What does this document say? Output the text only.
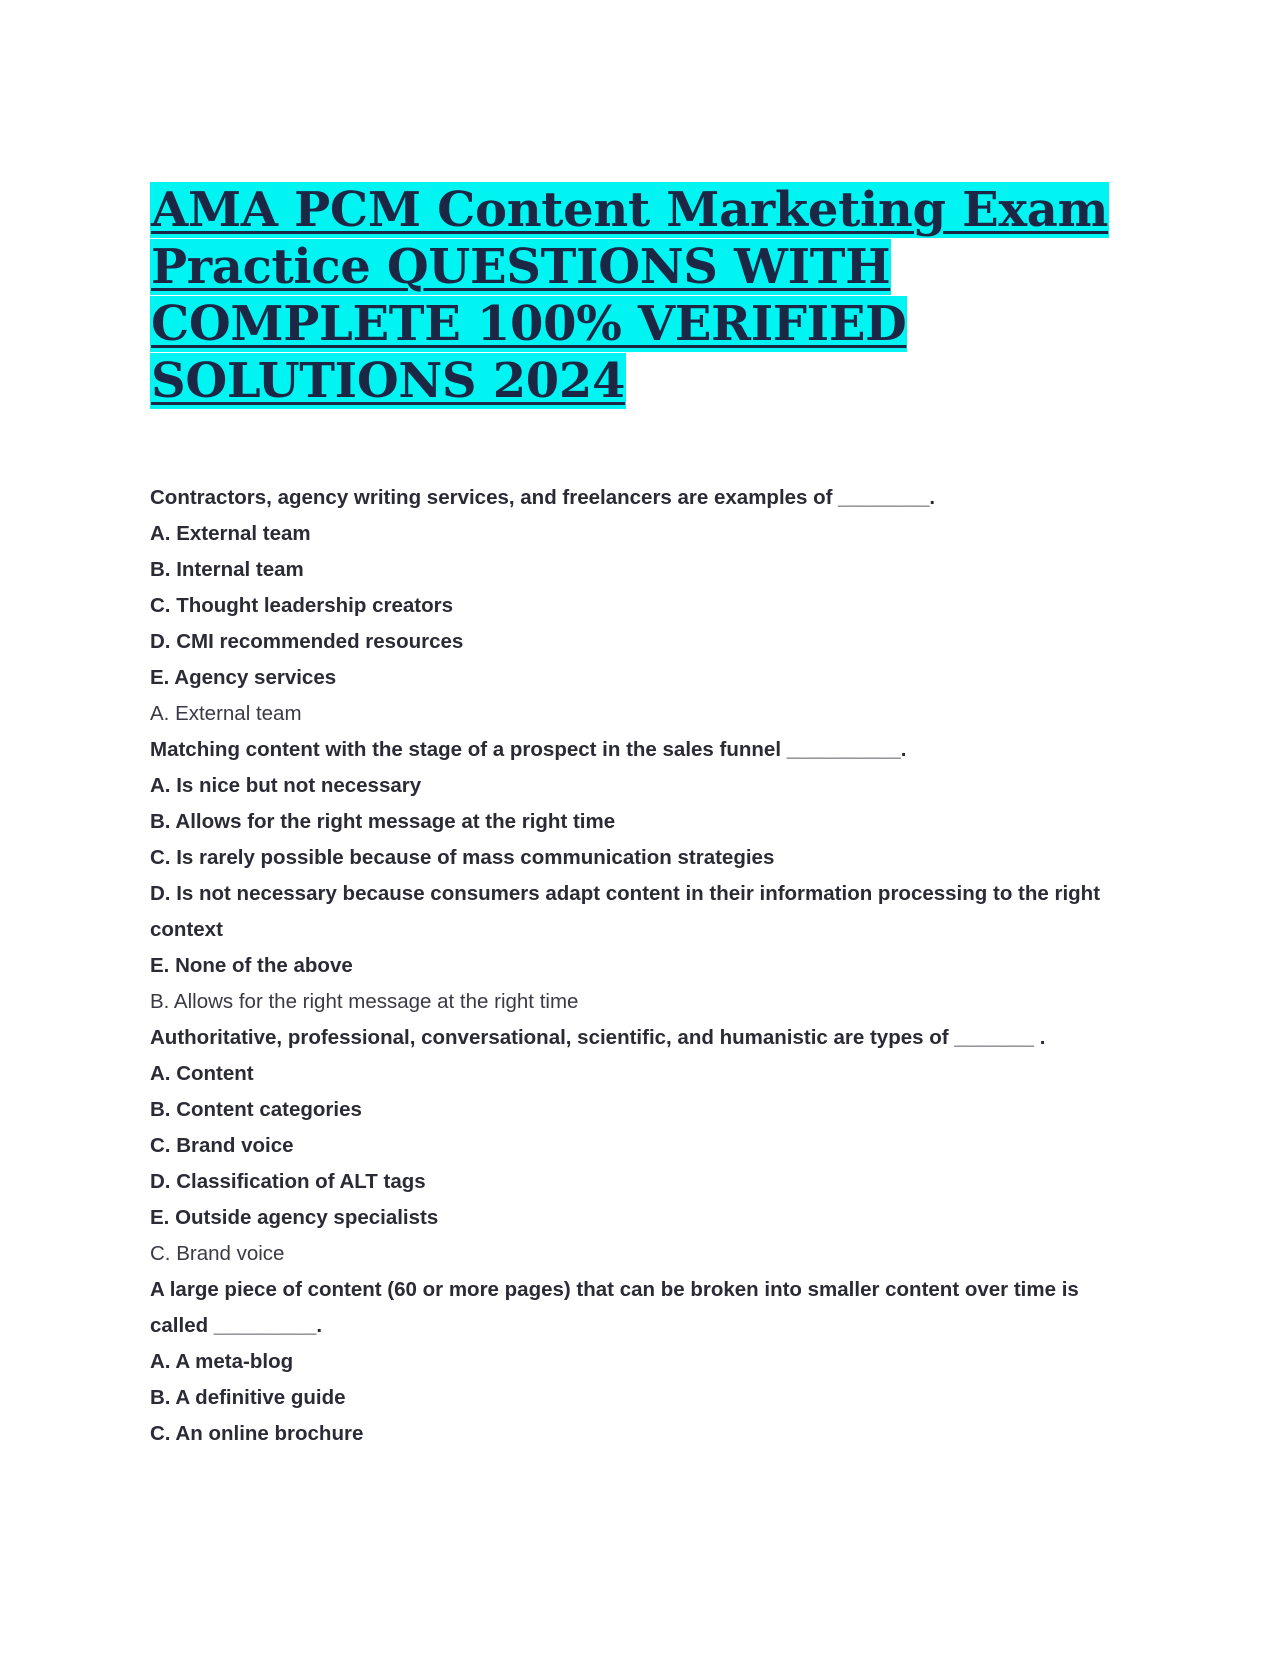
AMA PCM Content Marketing Exam Practice QUESTIONS WITH COMPLETE 100% VERIFIED SOLUTIONS 2024
Contractors, agency writing services, and freelancers are examples of ________.
A. External team
B. Internal team
C. Thought leadership creators
D. CMI recommended resources
E. Agency services
A. External team
Matching content with the stage of a prospect in the sales funnel __________.
A. Is nice but not necessary
B. Allows for the right message at the right time
C. Is rarely possible because of mass communication strategies
D. Is not necessary because consumers adapt content in their information processing to the right context
E. None of the above
B. Allows for the right message at the right time
Authoritative, professional, conversational, scientific, and humanistic are types of _______ .
A. Content
B. Content categories
C. Brand voice
D. Classification of ALT tags
E. Outside agency specialists
C. Brand voice
A large piece of content (60 or more pages) that can be broken into smaller content over time is called _________.
A. A meta-blog
B. A definitive guide
C. An online brochure
